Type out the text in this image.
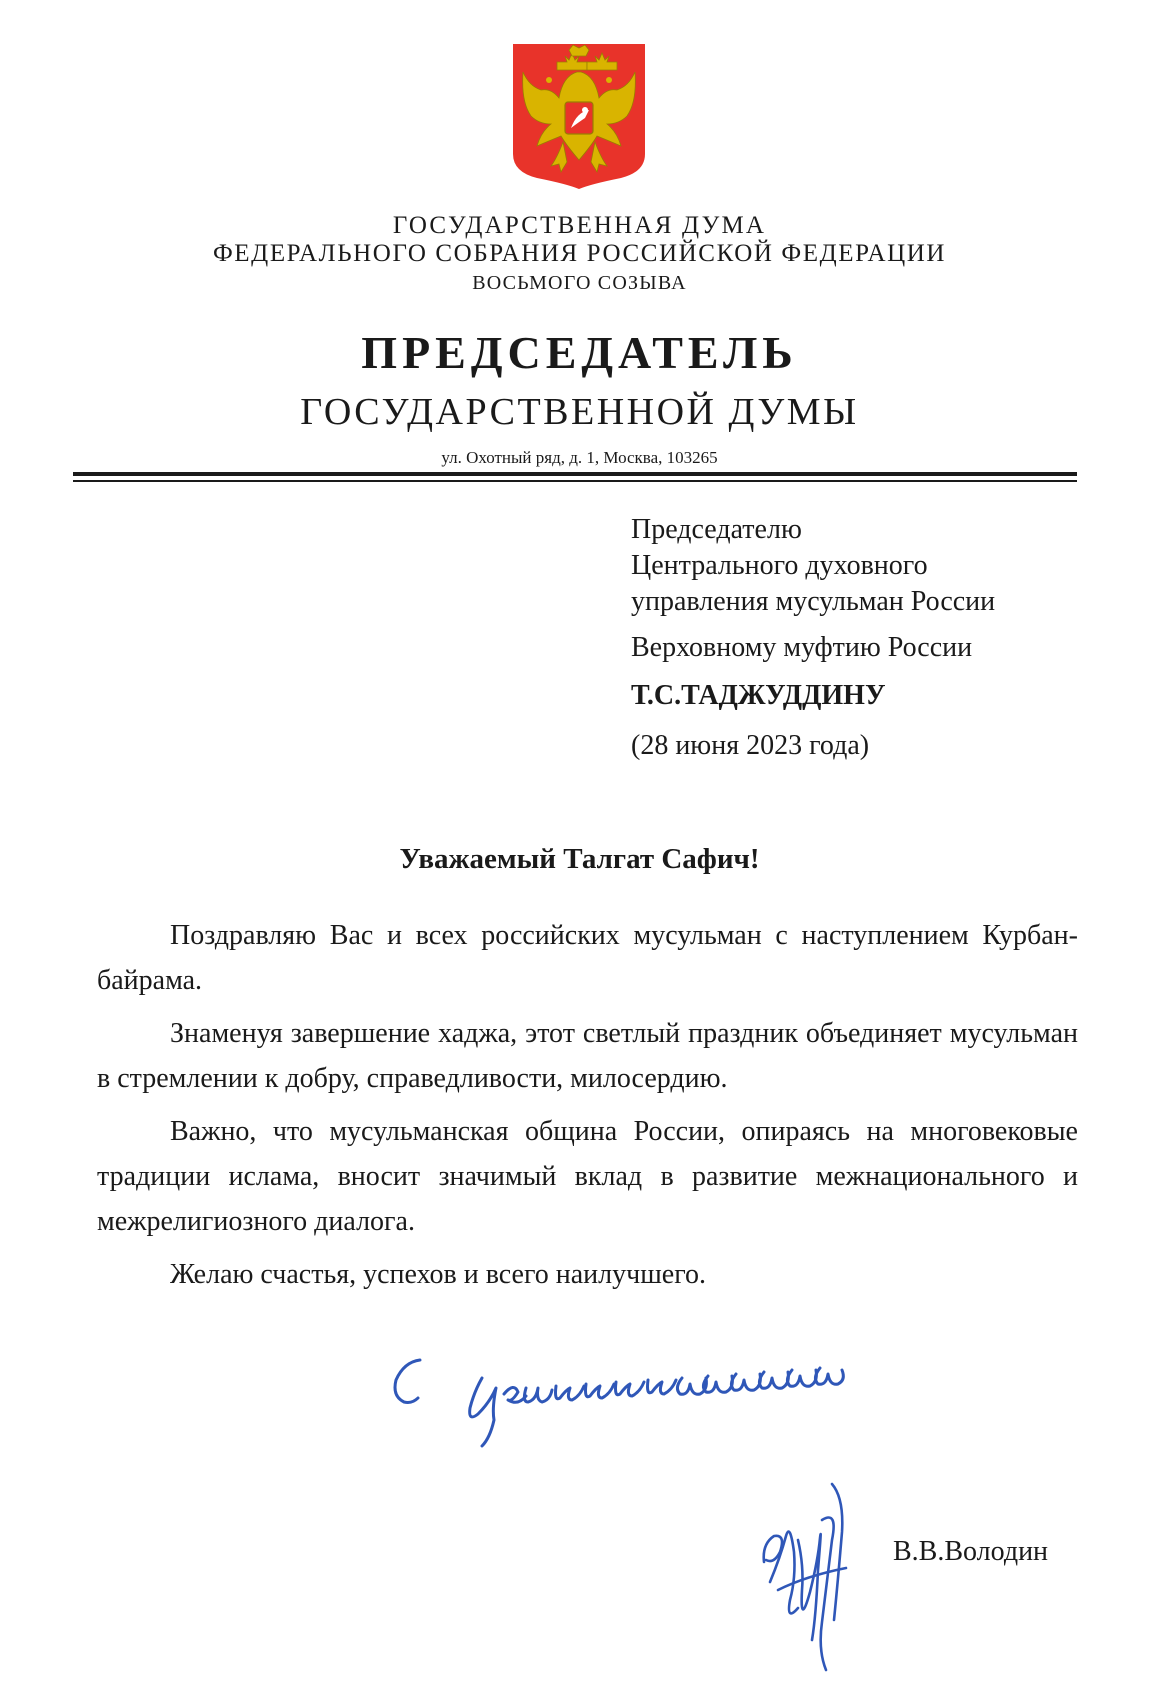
ГОСУДАРСТВЕННАЯ ДУМА
ФЕДЕРАЛЬНОГО СОБРАНИЯ РОССИЙСКОЙ ФЕДЕРАЦИИ
ВОСЬМОГО СОЗЫВА
ПРЕДСЕДАТЕЛЬ
ГОСУДАРСТВЕННОЙ ДУМЫ
ул. Охотный ряд, д. 1, Москва, 103265
Председателю
Центрального духовного
управления мусульман России
Верховному муфтию России
Т.С.ТАДЖУДДИНУ
(28 июня 2023 года)
Уважаемый Талгат Сафич!

Поздравляю Вас и всех российских мусульман с наступлением Курбан-байрама.

Знаменуя завершение хаджа, этот светлый праздник объединяет мусульман в стремлении к добру, справедливости, милосердию.

Важно, что мусульманская община России, опираясь на многовековые традиции ислама, вносит значимый вклад в развитие межнационального и межрелигиозного диалога.

Желаю счастья, успехов и всего наилучшего.

В.В.Володин
